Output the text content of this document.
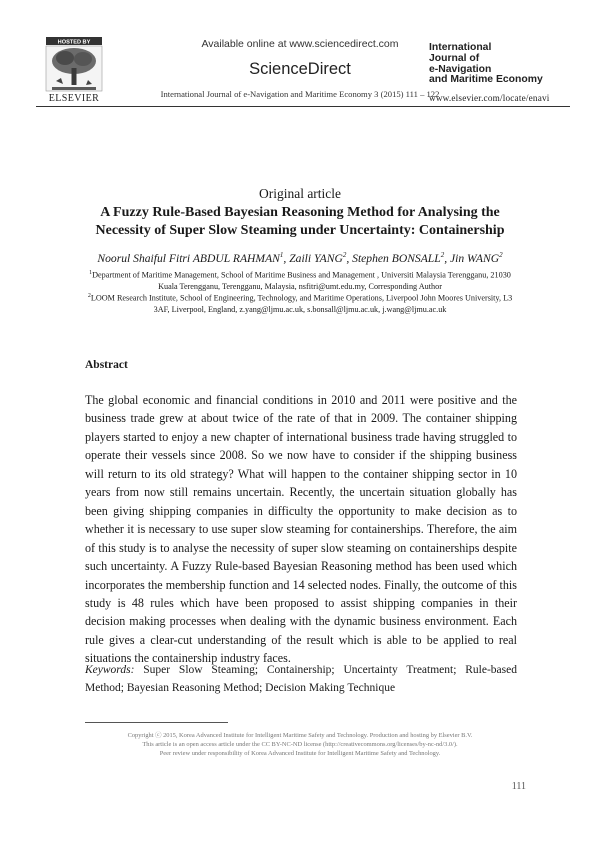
HOSTED BY
ELSEVIER
Available online at www.sciencedirect.com
ScienceDirect
International Journal of e-Navigation and Maritime Economy 3 (2015) 111 – 122
International
Journal of
e-Navigation
and Maritime Economy
www.elsevier.com/locate/enavi
Original article
A Fuzzy Rule-Based Bayesian Reasoning Method for Analysing the Necessity of Super Slow Steaming under Uncertainty: Containership
Noorul Shaiful Fitri ABDUL RAHMAN$^1$, Zaili YANG$^2$, Stephen BONSALL$^2$, Jin WANG$^2$
$^1$Department of Maritime Management, School of Maritime Business and Management , Universiti Malaysia Terengganu, 21030 Kuala Terengganu, Terengganu, Malaysia, nsfitri@umt.edu.my, Corresponding Author
$^2$LOOM Research Institute, School of Engineering, Technology, and Maritime Operations, Liverpool John Moores University, L3 3AF, Liverpool, England, z.yang@ljmu.ac.uk, s.bonsall@ljmu.ac.uk, j.wang@ljmu.ac.uk
Abstract
The global economic and financial conditions in 2010 and 2011 were positive and the business trade grew at about twice of the rate of that in 2009. The container shipping players started to enjoy a new chapter of international business trade having struggled to operate their vessels since 2008. So we now have to consider if the shipping business will return to its old strategy? What will happen to the container shipping sector in 10 years from now still remains uncertain. Recently, the uncertain situation globally has been giving shipping companies in difficulty the opportunity to make decision as to whether it is necessary to use super slow steaming for containerships. Therefore, the aim of this study is to analyse the necessity of super slow steaming on containerships despite such uncertainty. A Fuzzy Rule-based Bayesian Reasoning method has been used which incorporates the membership function and 14 selected nodes. Finally, the outcome of this study is 48 rules which have been proposed to assist shipping companies in their decision making processes when dealing with the dynamic business environment. Each rule gives a clear-cut understanding of the result which is able to be applied to real situations the containership industry faces.
Keywords: Super Slow Steaming; Containership; Uncertainty Treatment; Rule-based Method; Bayesian Reasoning Method; Decision Making Technique
Copyright ⓒ 2015, Korea Advanced Institute for Intelligent Maritime Safety and Technology. Production and hosting by Elsevier B.V.
This article is an open access article under the CC BY-NC-ND license (http://creativecommons.org/licenses/by-nc-nd/3.0/).
Peer review under responsibility of Korea Advanced Institute for Intelligent Maritime Safety and Technology.
111
